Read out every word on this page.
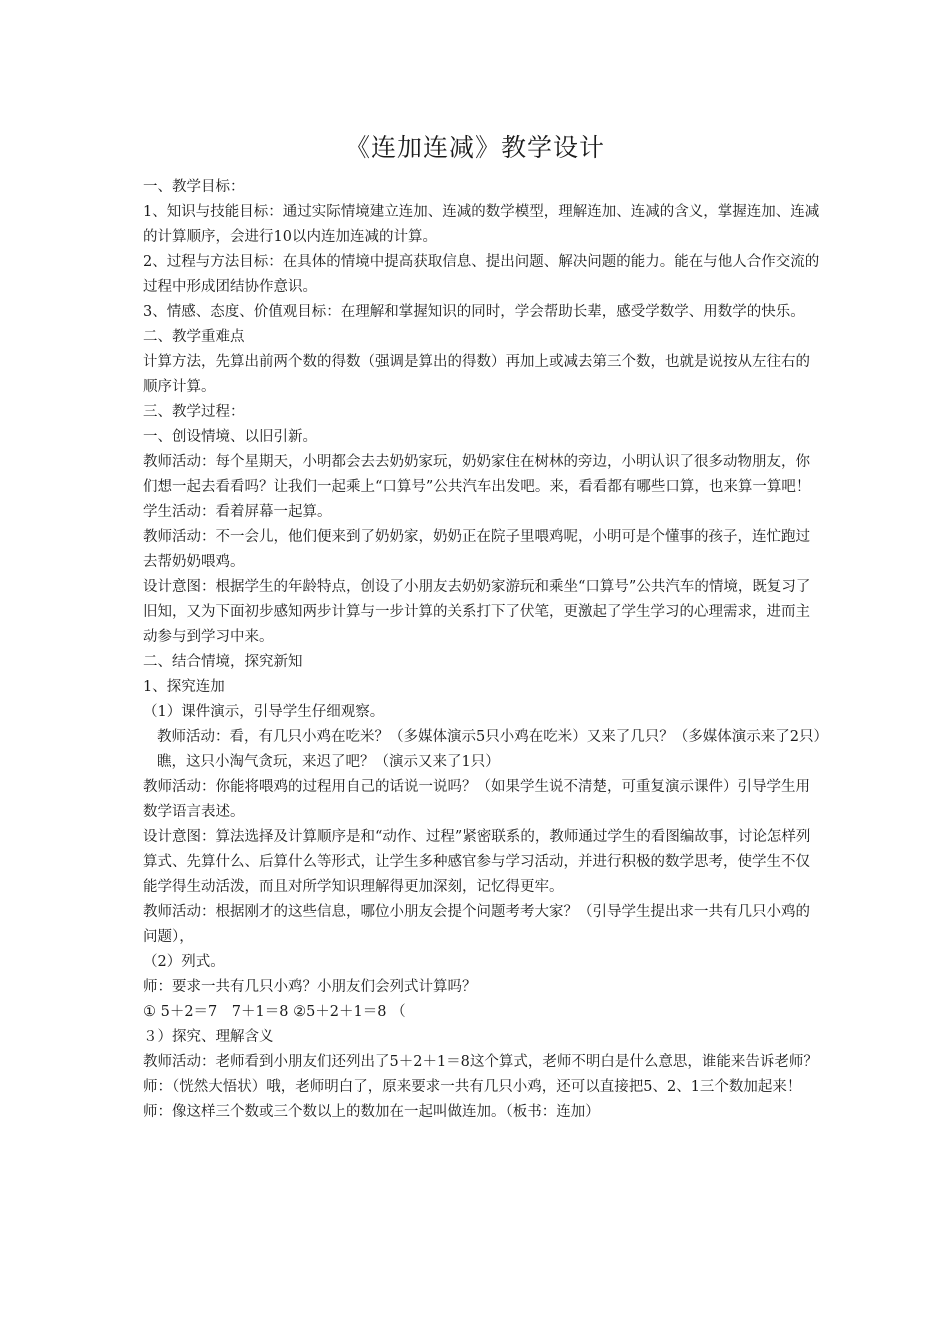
《连加连减》教学设计

一、教学目标：

1、知识与技能目标：通过实际情境建立连加、连减的数学模型，理解连加、连减的含义，掌握连加、连减的计算顺序，会进行10以内连加连减的计算。

2、过程与方法目标：在具体的情境中提高获取信息、提出问题、解决问题的能力。能在与他人合作交流的过程中形成团结协作意识。

3、情感、态度、价值观目标：在理解和掌握知识的同时，学会帮助长辈，感受学数学、用数学的快乐。

二、教学重难点

计算方法，先算出前两个数的得数（强调是算出的得数）再加上或减去第三个数，也就是说按从左往右的顺序计算。

三、教学过程：

一、创设情境、以旧引新。

教师活动：每个星期天，小明都会去去奶奶家玩，奶奶家住在树林的旁边，小明认识了很多动物朋友，你们想一起去看看吗？让我们一起乘上“口算号”公共汽车出发吧。来，看看都有哪些口算，也来算一算吧！

学生活动：看着屏幕一起算。

教师活动：不一会儿，他们便来到了奶奶家，奶奶正在院子里喂鸡呢，小明可是个懂事的孩子，连忙跑过去帮奶奶喂鸡。

设计意图：根据学生的年龄特点，创设了小朋友去奶奶家游玩和乘坐“口算号”公共汽车的情境，既复习了旧知，又为下面初步感知两步计算与一步计算的关系打下了伏笔，更激起了学生学习的心理需求，进而主动参与到学习中来。

二、结合情境，探究新知

1、探究连加

（1）课件演示，引导学生仔细观察。

教师活动：看，有几只小鸡在吃米？（多媒体演示5只小鸡在吃米）又来了几只？（多媒体演示来了2只）瞧，这只小淘气贪玩，来迟了吧？（演示又来了1只）

教师活动：你能将喂鸡的过程用自己的话说一说吗？（如果学生说不清楚，可重复演示课件）引导学生用数学语言表述。

设计意图：算法选择及计算顺序是和“动作、过程”紧密联系的，教师通过学生的看图编故事，讨论怎样列算式、先算什么、后算什么等形式，让学生多种感官参与学习活动，并进行积极的数学思考，使学生不仅能学得生动活泼，而且对所学知识理解得更加深刻，记忆得更牢。

教师活动：根据刚才的这些信息，哪位小朋友会提个问题考考大家？（引导学生提出求一共有几只小鸡的问题），

（2）列式。

师：要求一共有几只小鸡？小朋友们会列式计算吗？

① 5＋2＝7　7＋1＝8 ②5＋2＋1＝8 （

３）探究、理解含义

教师活动：老师看到小朋友们还列出了5＋2＋1＝8这个算式，老师不明白是什么意思，谁能来告诉老师？

师：（恍然大悟状）哦，老师明白了，原来要求一共有几只小鸡，还可以直接把5、2、1三个数加起来！

师：像这样三个数或三个数以上的数加在一起叫做连加。（板书：连加）
